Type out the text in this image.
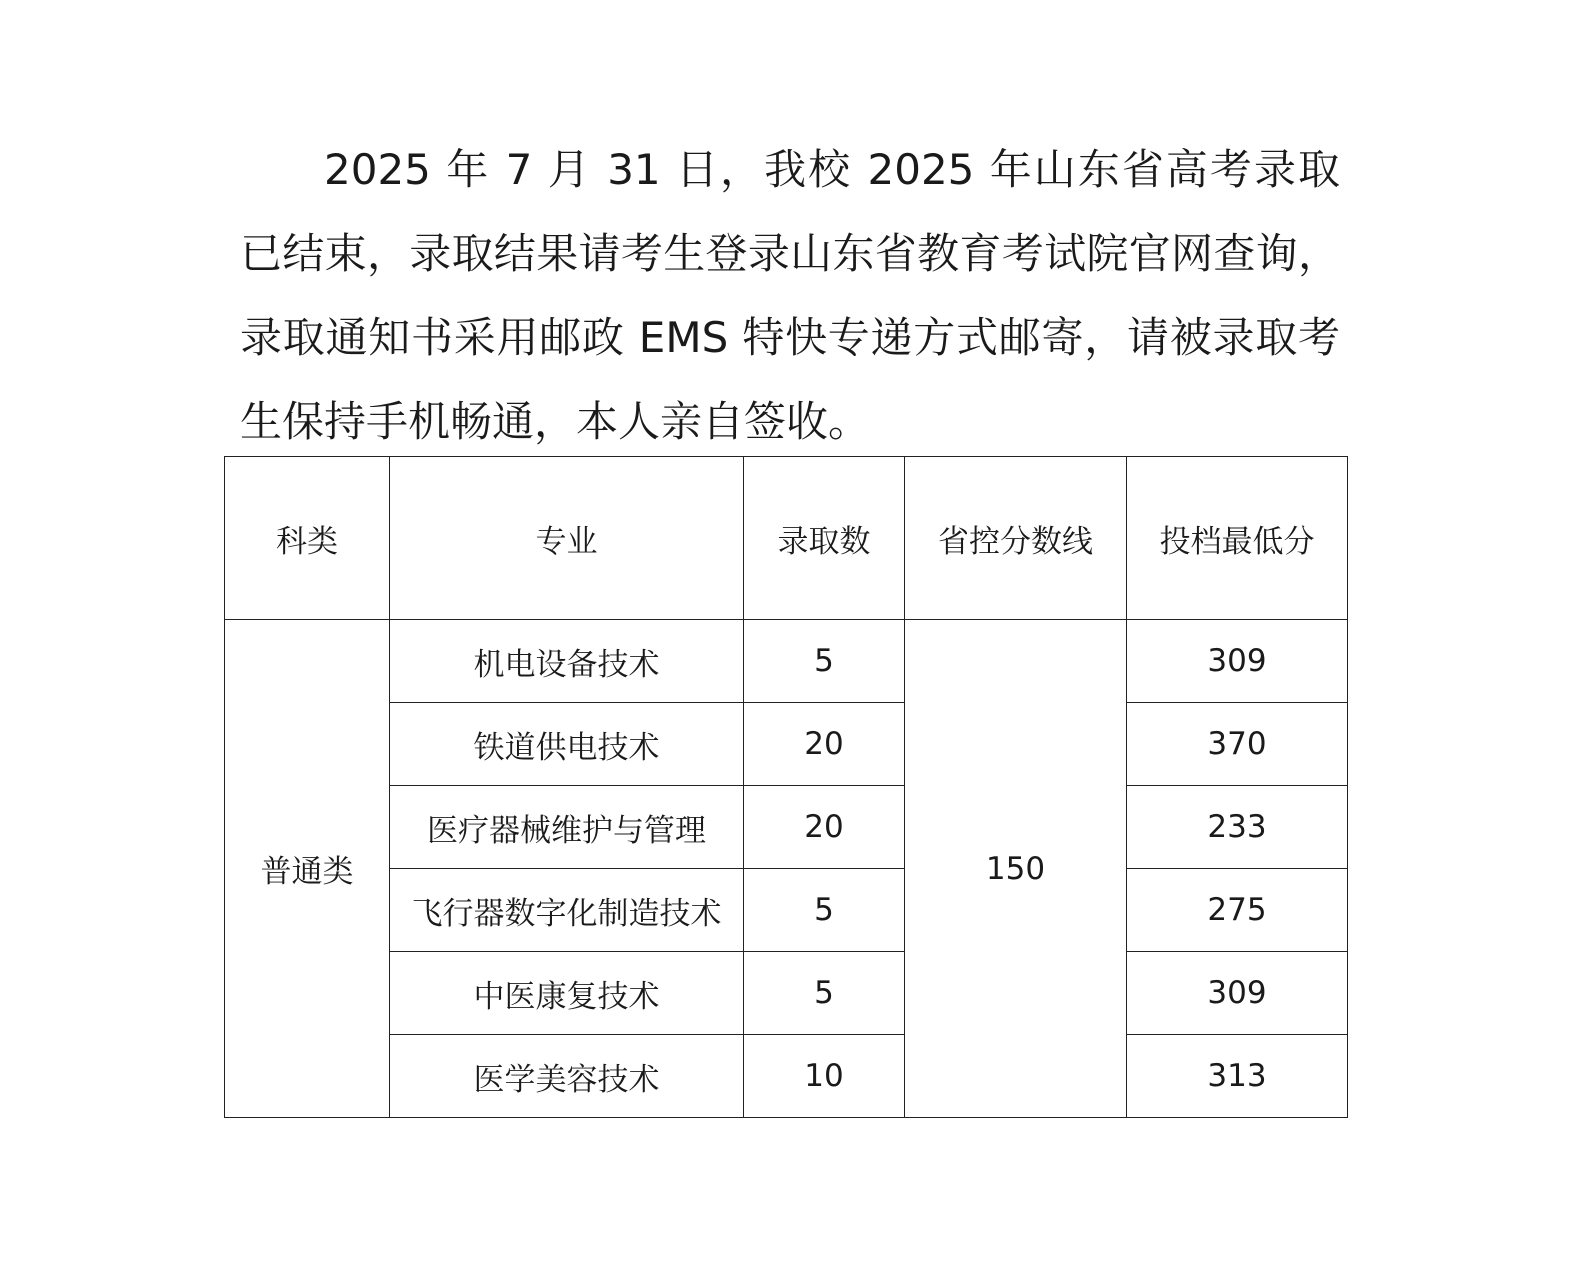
2025 年 7 月 31 日，我校 2025 年山东省高考录取已结束，录取结果请考生登录山东省教育考试院官网查询，录取通知书采用邮政 EMS 特快专递方式邮寄，请被录取考生保持手机畅通，本人亲自签收。

科类	专业	录取数	省控分数线	投档最低分
普通类	机电设备技术	5	150	309
	铁道供电技术	20		370
	医疗器械维护与管理	20		233
	飞行器数字化制造技术	5		275
	中医康复技术	5		309
	医学美容技术	10		313
